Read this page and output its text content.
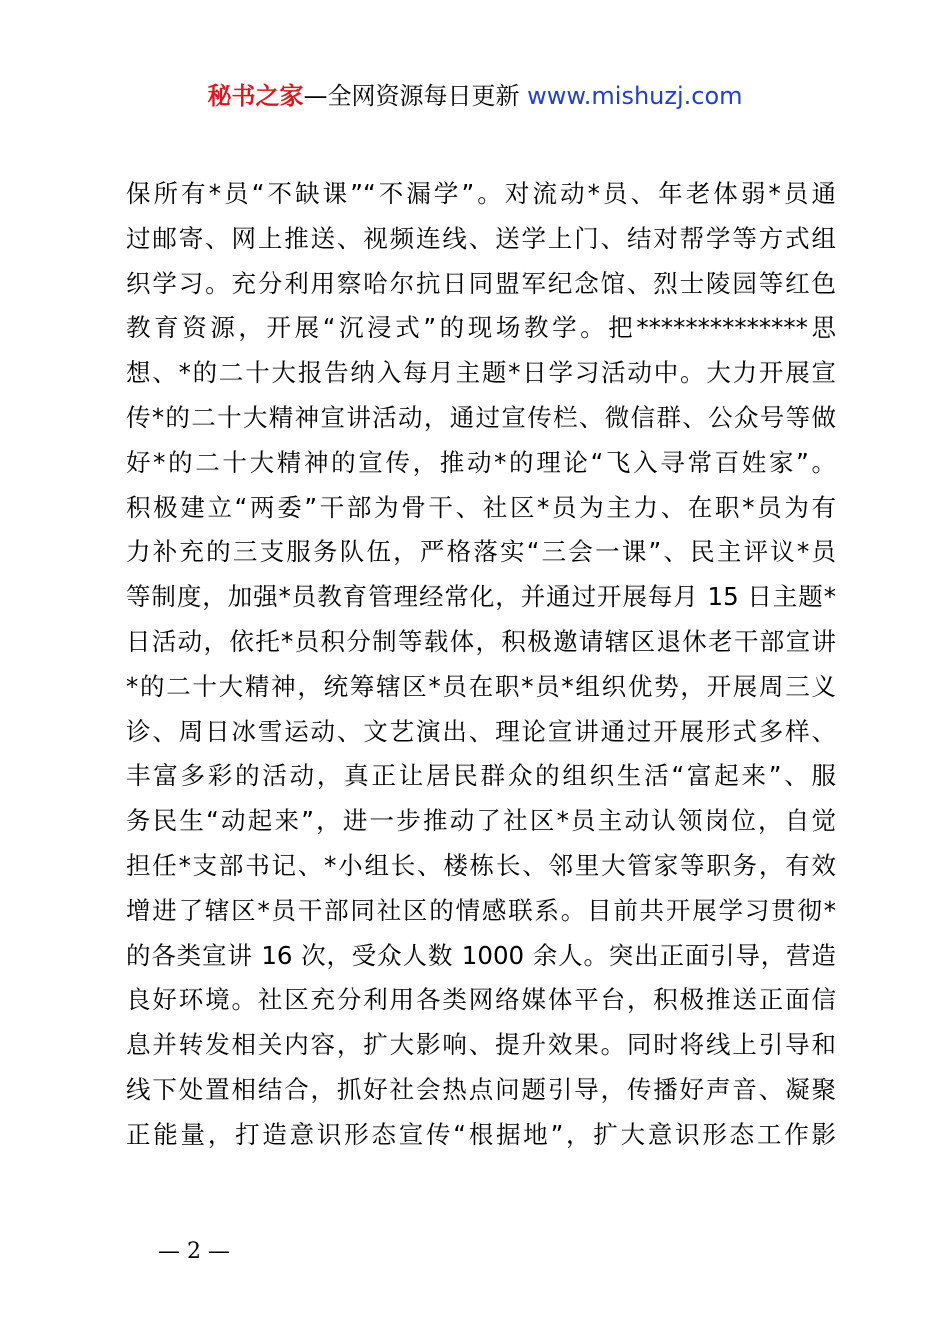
秘书之家—全网资源每日更新 www.mishuzj.com
保所有*员“不缺课”“不漏学”。对流动*员、年老体弱*员通
过邮寄、网上推送、视频连线、送学上门、结对帮学等方式组
织学习。充分利用察哈尔抗日同盟军纪念馆、烈士陵园等红色
教育资源，开展“沉浸式”的现场教学。把**************思
想、*的二十大报告纳入每月主题*日学习活动中。大力开展宣
传*的二十大精神宣讲活动，通过宣传栏、微信群、公众号等做
好*的二十大精神的宣传，推动*的理论“飞入寻常百姓家”。
积极建立“两委”干部为骨干、社区*员为主力、在职*员为有
力补充的三支服务队伍，严格落实“三会一课”、民主评议*员
等制度，加强*员教育管理经常化，并通过开展每月 15 日主题*
日活动，依托*员积分制等载体，积极邀请辖区退休老干部宣讲
*的二十大精神，统筹辖区*员在职*员*组织优势，开展周三义
诊、周日冰雪运动、文艺演出、理论宣讲通过开展形式多样、
丰富多彩的活动，真正让居民群众的组织生活“富起来”、服
务民生“动起来”，进一步推动了社区*员主动认领岗位，自觉
担任*支部书记、*小组长、楼栋长、邻里大管家等职务，有效
增进了辖区*员干部同社区的情感联系。目前共开展学习贯彻*
的各类宣讲 16 次，受众人数 1000 余人。突出正面引导，营造
良好环境。社区充分利用各类网络媒体平台，积极推送正面信
息并转发相关内容，扩大影响、提升效果。同时将线上引导和
线下处置相结合，抓好社会热点问题引导，传播好声音、凝聚
正能量，打造意识形态宣传“根据地”，扩大意识形态工作影
— 2 —
